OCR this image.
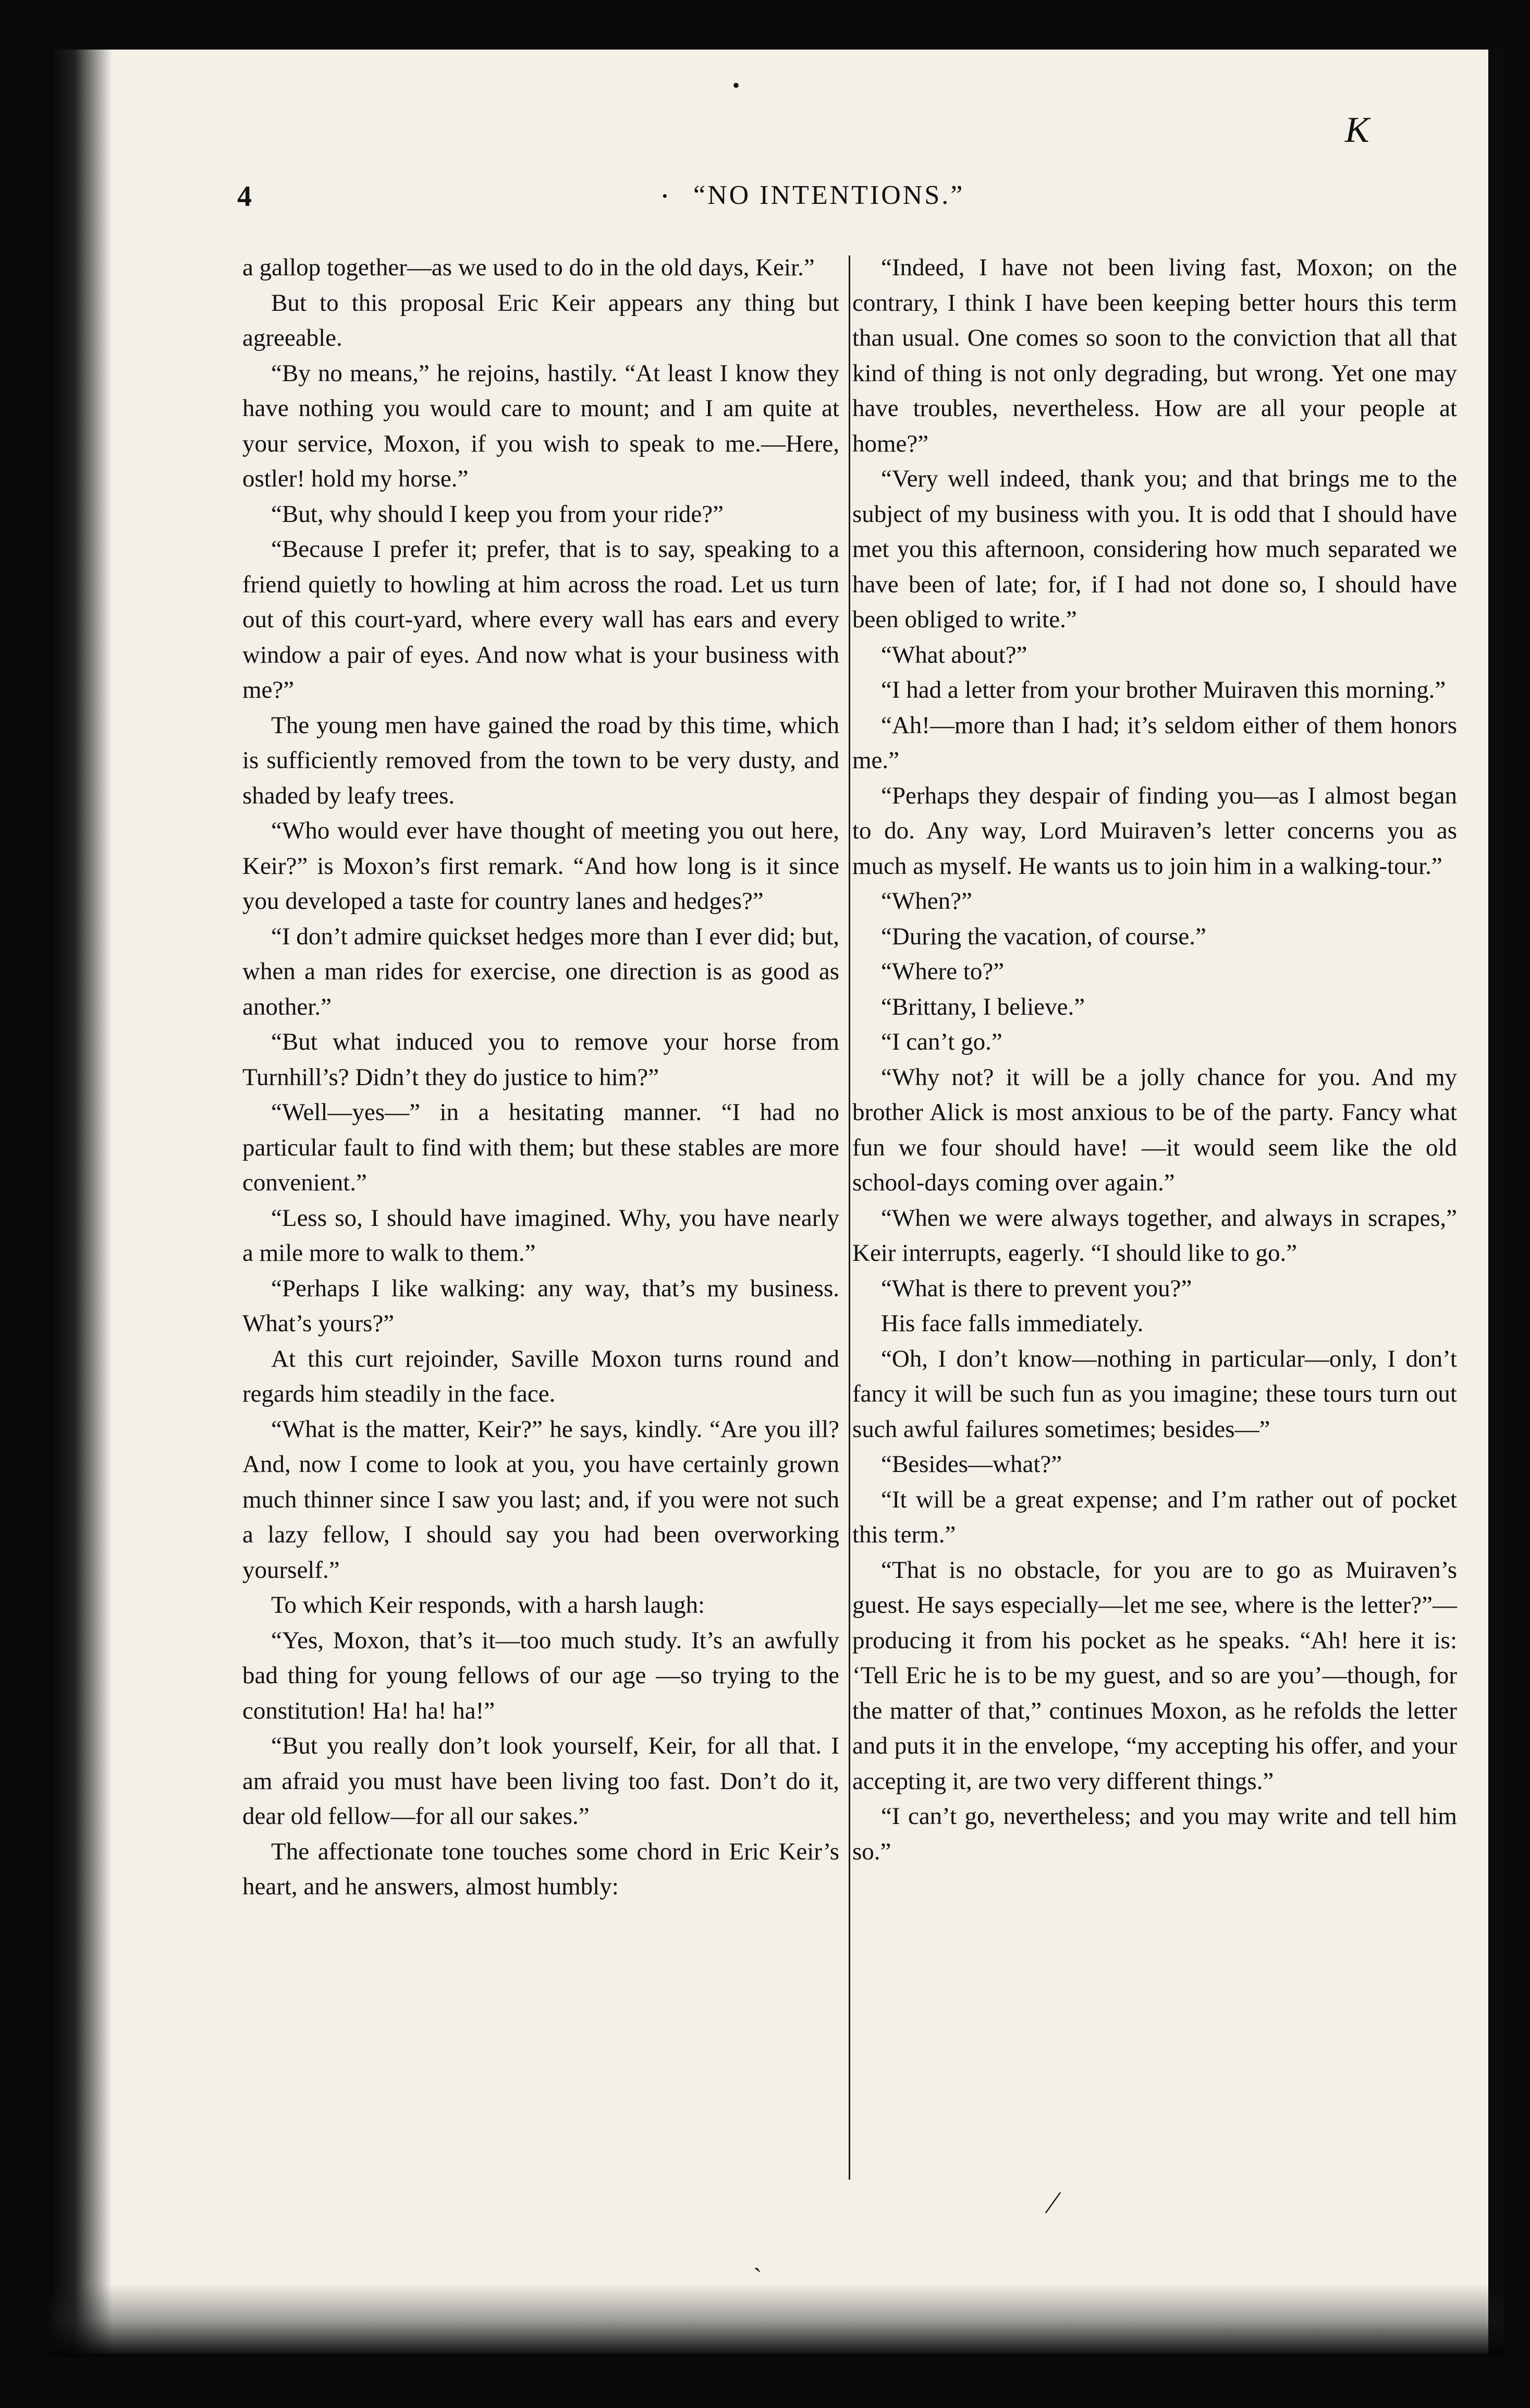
K
4	“NO INTENTIONS.”
•
•
⁄
ˎ

a gallop together—as we used to do in the old days, Keir.”

But to this proposal Eric Keir appears any thing but agreeable.

“By no means,” he rejoins, hastily. “At least I know they have nothing you would care to mount; and I am quite at your service, Moxon, if you wish to speak to me.—Here, ostler! hold my horse.”

“But, why should I keep you from your ride?”

“Because I prefer it; prefer, that is to say, speaking to a friend quietly to howling at him across the road. Let us turn out of this court-yard, where every wall has ears and every window a pair of eyes. And now what is your business with me?”

The young men have gained the road by this time, which is sufficiently removed from the town to be very dusty, and shaded by leafy trees.

“Who would ever have thought of meeting you out here, Keir?” is Moxon’s first remark. “And how long is it since you developed a taste for country lanes and hedges?”

“I don’t admire quickset hedges more than I ever did; but, when a man rides for exercise, one direction is as good as another.”

“But what induced you to remove your horse from Turnhill’s? Didn’t they do justice to him?”

“Well—yes—” in a hesitating manner. “I had no particular fault to find with them; but these stables are more convenient.”

“Less so, I should have imagined. Why, you have nearly a mile more to walk to them.”

“Perhaps I like walking: any way, that’s my business. What’s yours?”

At this curt rejoinder, Saville Moxon turns round and regards him steadily in the face.

“What is the matter, Keir?” he says, kindly. “Are you ill? And, now I come to look at you, you have certainly grown much thinner since I saw you last; and, if you were not such a lazy fellow, I should say you had been overworking yourself.”

To which Keir responds, with a harsh laugh:

“Yes, Moxon, that’s it—too much study. It’s an awfully bad thing for young fellows of our age —so trying to the constitution! Ha! ha! ha!”

“But you really don’t look yourself, Keir, for all that. I am afraid you must have been living too fast. Don’t do it, dear old fellow—for all our sakes.”

The affectionate tone touches some chord in Eric Keir’s heart, and he answers, almost humbly:

“Indeed, I have not been living fast, Moxon; on the contrary, I think I have been keeping better hours this term than usual. One comes so soon to the conviction that all that kind of thing is not only degrading, but wrong. Yet one may have troubles, nevertheless. How are all your people at home?”

“Very well indeed, thank you; and that brings me to the subject of my business with you. It is odd that I should have met you this afternoon, considering how much separated we have been of late; for, if I had not done so, I should have been obliged to write.”

“What about?”

“I had a letter from your brother Muiraven this morning.”

“Ah!—more than I had; it’s seldom either of them honors me.”

“Perhaps they despair of finding you—as I almost began to do. Any way, Lord Muiraven’s letter concerns you as much as myself. He wants us to join him in a walking-tour.”

“When?”

“During the vacation, of course.”

“Where to?”

“Brittany, I believe.”

“I can’t go.”

“Why not? it will be a jolly chance for you. And my brother Alick is most anxious to be of the party. Fancy what fun we four should have! —it would seem like the old school-days coming over again.”

“When we were always together, and always in scrapes,” Keir interrupts, eagerly. “I should like to go.”

“What is there to prevent you?”

His face falls immediately.

“Oh, I don’t know—nothing in particular—only, I don’t fancy it will be such fun as you imagine; these tours turn out such awful failures sometimes; besides—”

“Besides—what?”

“It will be a great expense; and I’m rather out of pocket this term.”

“That is no obstacle, for you are to go as Muiraven’s guest. He says especially—let me see, where is the letter?”—producing it from his pocket as he speaks. “Ah! here it is: ‘Tell Eric he is to be my guest, and so are you’—though, for the matter of that,” continues Moxon, as he refolds the letter and puts it in the envelope, “my accepting his offer, and your accepting it, are two very different things.”

“I can’t go, nevertheless; and you may write and tell him so.”
